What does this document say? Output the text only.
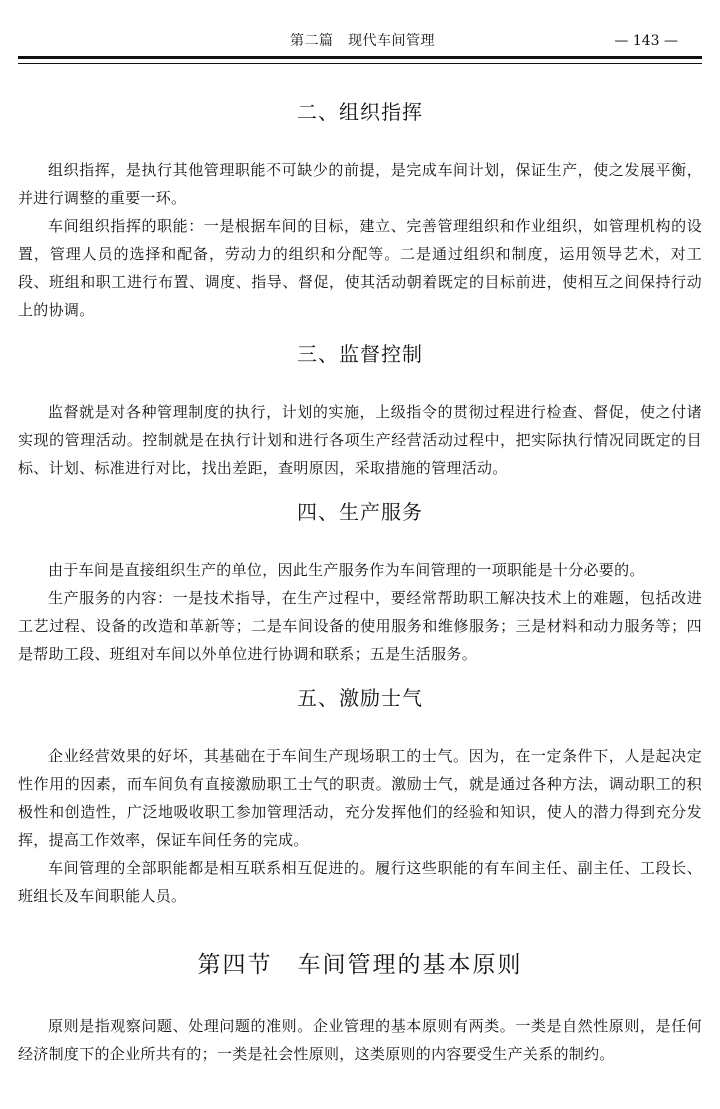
第二篇　现代车间管理	— 143 —
二、组织指挥

组织指挥，是执行其他管理职能不可缺少的前提，是完成车间计划，保证生产，使之发展平衡，并进行调整的重要一环。

车间组织指挥的职能：一是根据车间的目标，建立、完善管理组织和作业组织，如管理机构的设置，管理人员的选择和配备，劳动力的组织和分配等。二是通过组织和制度，运用领导艺术，对工段、班组和职工进行布置、调度、指导、督促，使其活动朝着既定的目标前进，使相互之间保持行动上的协调。

三、监督控制

监督就是对各种管理制度的执行，计划的实施，上级指令的贯彻过程进行检查、督促，使之付诸实现的管理活动。控制就是在执行计划和进行各项生产经营活动过程中，把实际执行情况同既定的目标、计划、标准进行对比，找出差距，查明原因，采取措施的管理活动。

四、生产服务

由于车间是直接组织生产的单位，因此生产服务作为车间管理的一项职能是十分必要的。

生产服务的内容：一是技术指导，在生产过程中，要经常帮助职工解决技术上的难题，包括改进工艺过程、设备的改造和革新等；二是车间设备的使用服务和维修服务；三是材料和动力服务等；四是帮助工段、班组对车间以外单位进行协调和联系；五是生活服务。

五、激励士气

企业经营效果的好坏，其基础在于车间生产现场职工的士气。因为，在一定条件下，人是起决定性作用的因素，而车间负有直接激励职工士气的职责。激励士气，就是通过各种方法，调动职工的积极性和创造性，广泛地吸收职工参加管理活动，充分发挥他们的经验和知识，使人的潜力得到充分发挥，提高工作效率，保证车间任务的完成。

车间管理的全部职能都是相互联系相互促进的。履行这些职能的有车间主任、副主任、工段长、班组长及车间职能人员。

第四节　车间管理的基本原则

原则是指观察问题、处理问题的准则。企业管理的基本原则有两类。一类是自然性原则，是任何经济制度下的企业所共有的；一类是社会性原则，这类原则的内容要受生产关系的制约。
